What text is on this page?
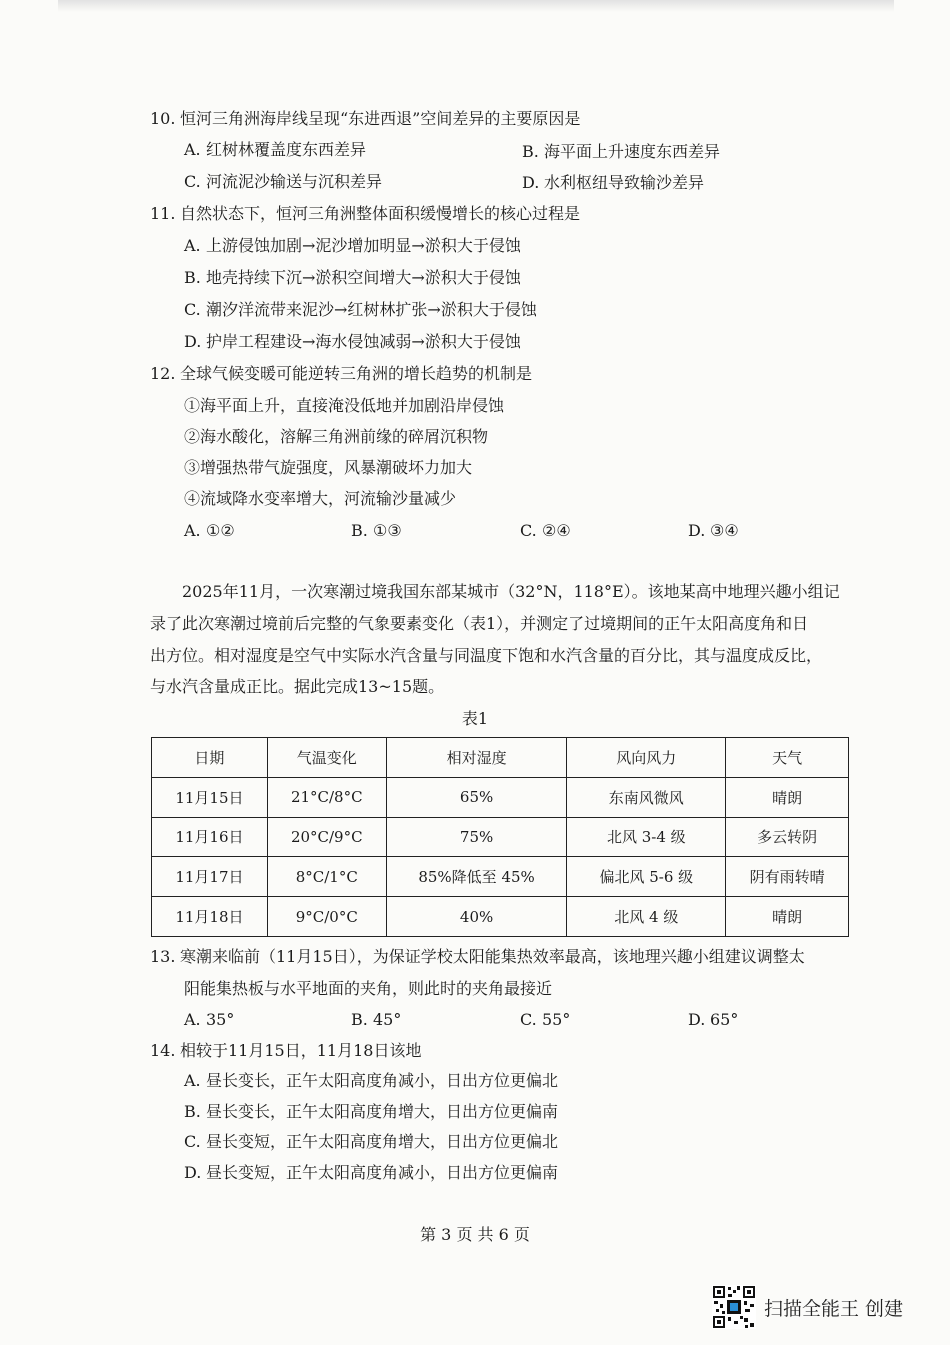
10. 恒河三角洲海岸线呈现“东进西退”空间差异的主要原因是
A. 红树林覆盖度东西差异	B. 海平面上升速度东西差异
C. 河流泥沙输送与沉积差异	D. 水利枢纽导致输沙差异
11. 自然状态下，恒河三角洲整体面积缓慢增长的核心过程是
A. 上游侵蚀加剧→泥沙增加明显→淤积大于侵蚀
B. 地壳持续下沉→淤积空间增大→淤积大于侵蚀
C. 潮汐洋流带来泥沙→红树林扩张→淤积大于侵蚀
D. 护岸工程建设→海水侵蚀减弱→淤积大于侵蚀
12. 全球气候变暖可能逆转三角洲的增长趋势的机制是
①海平面上升，直接淹没低地并加剧沿岸侵蚀
②海水酸化，溶解三角洲前缘的碎屑沉积物
③增强热带气旋强度，风暴潮破坏力加大
④流域降水变率增大，河流输沙量减少
A. ①②	B. ①③	C. ②④	D. ③④
2025年11月，一次寒潮过境我国东部某城市（32°N，118°E）。该地某高中地理兴趣小组记
录了此次寒潮过境前后完整的气象要素变化（表1），并测定了过境期间的正午太阳高度角和日
出方位。相对湿度是空气中实际水汽含量与同温度下饱和水汽含量的百分比，其与温度成反比，
与水汽含量成正比。据此完成13~15题。
表1
日期	气温变化	相对湿度	风向风力	天气
11月15日	21°C/8°C	65%	东南风微风	晴朗
11月16日	20°C/9°C	75%	北风 3-4 级	多云转阴
11月17日	8°C/1°C	85%降低至 45%	偏北风 5-6 级	阴有雨转晴
11月18日	9°C/0°C	40%	北风 4 级	晴朗
13. 寒潮来临前（11月15日），为保证学校太阳能集热效率最高，该地理兴趣小组建议调整太
阳能集热板与水平地面的夹角，则此时的夹角最接近
A. 35°	B. 45°	C. 55°	D. 65°
14. 相较于11月15日，11月18日该地
A. 昼长变长，正午太阳高度角减小，日出方位更偏北
B. 昼长变长，正午太阳高度角增大，日出方位更偏南
C. 昼长变短，正午太阳高度角增大，日出方位更偏北
D. 昼长变短，正午太阳高度角减小，日出方位更偏南
第 3 页 共 6 页
扫描全能王 创建
